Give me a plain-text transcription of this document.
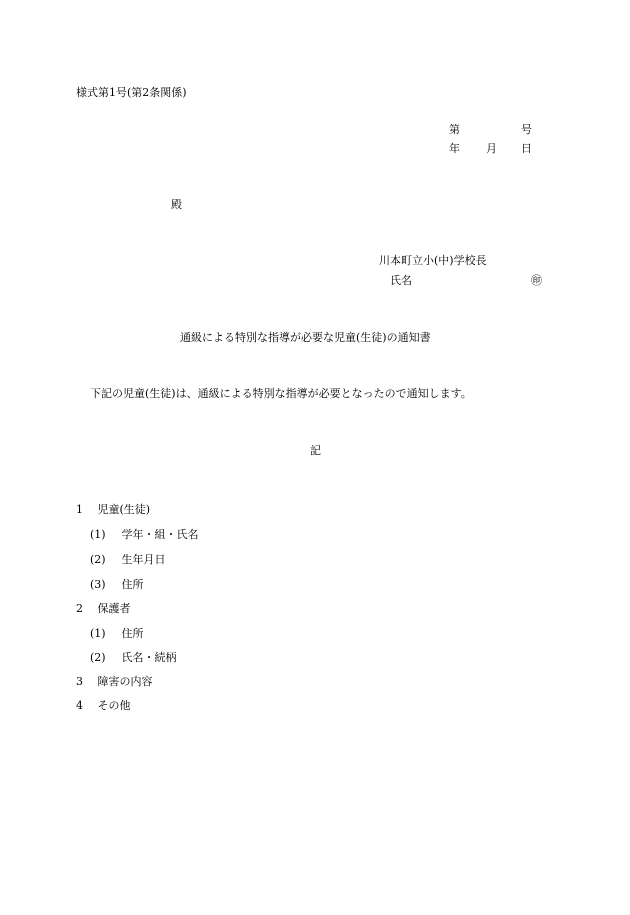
様式第1号(第2条関係)
第	号
年 月 日
殿
川本町立小(中)学校長
氏名	㊞
通級による特別な指導が必要な児童(生徒)の通知書
下記の児童(生徒)は、通級による特別な指導が必要となったので通知します。
記
1 児童(生徒)
(1) 学年・組・氏名
(2) 生年月日
(3) 住所
2 保護者
(1) 住所
(2) 氏名・続柄
3 障害の内容
4 その他
